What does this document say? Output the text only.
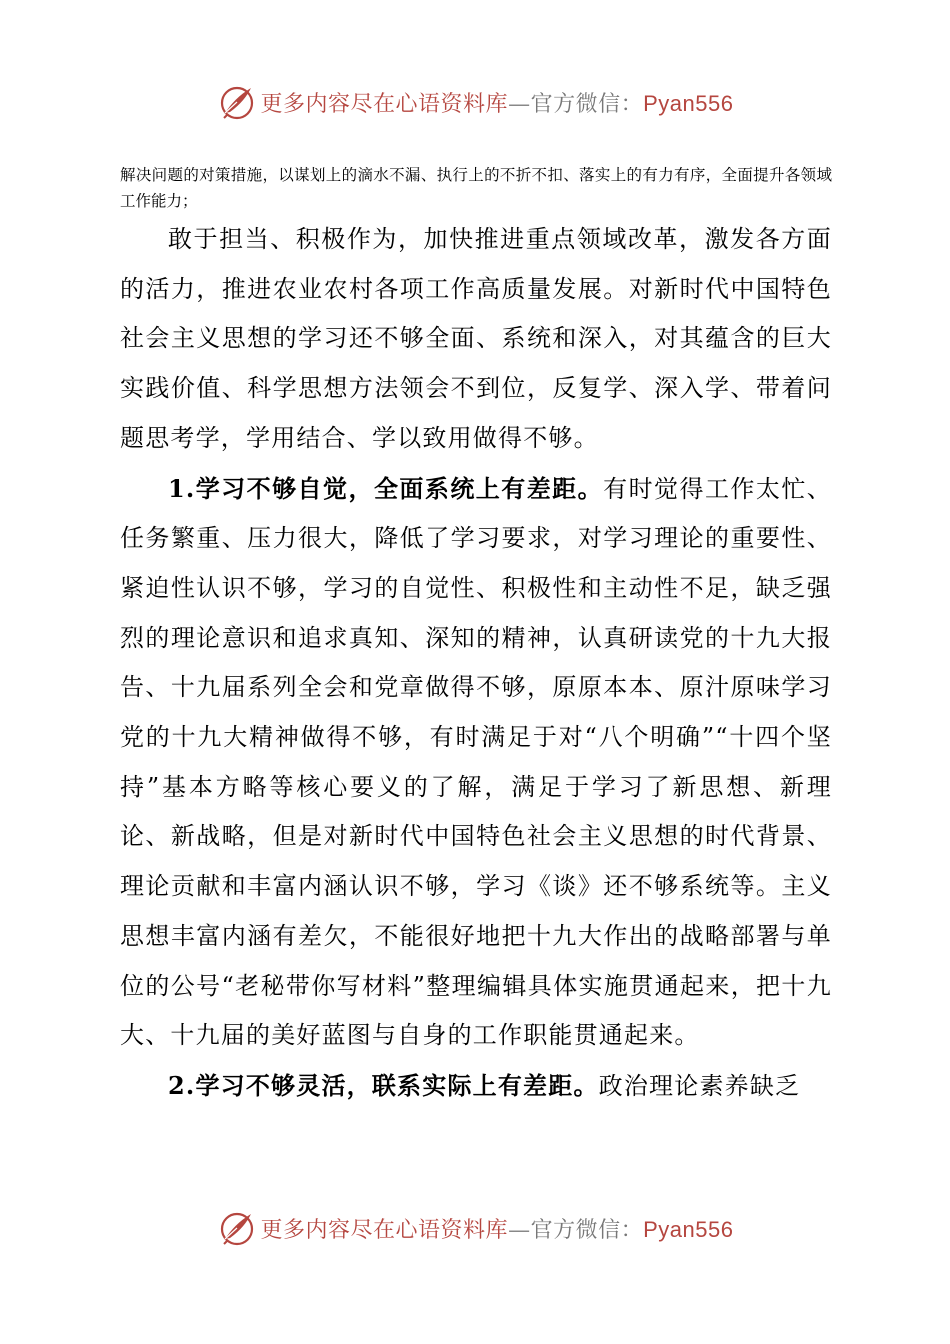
更多内容尽在心语资料库—官方微信：Pyan556

解决问题的对策措施，以谋划上的滴水不漏、执行上的不折不扣、落实上的有力有序，全面提升各领域工作能力；

敢于担当、积极作为，加快推进重点领域改革，激发各方面的活力，推进农业农村各项工作高质量发展。对新时代中国特色社会主义思想的学习还不够全面、系统和深入，对其蕴含的巨大实践价值、科学思想方法领会不到位，反复学、深入学、带着问题思考学，学用结合、学以致用做得不够。

1.学习不够自觉，全面系统上有差距。有时觉得工作太忙、任务繁重、压力很大，降低了学习要求，对学习理论的重要性、紧迫性认识不够，学习的自觉性、积极性和主动性不足，缺乏强烈的理论意识和追求真知、深知的精神，认真研读党的十九大报告、十九届系列全会和党章做得不够，原原本本、原汁原味学习党的十九大精神做得不够，有时满足于对“八个明确”“十四个坚持”基本方略等核心要义的了解，满足于学习了新思想、新理论、新战略，但是对新时代中国特色社会主义思想的时代背景、理论贡献和丰富内涵认识不够，学习《谈》还不够系统等。主义思想丰富内涵有差欠，不能很好地把十九大作出的战略部署与单位的公号“老秘带你写材料”整理编辑具体实施贯通起来，把十九大、十九届的美好蓝图与自身的工作职能贯通起来。

2.学习不够灵活，联系实际上有差距。政治理论素养缺乏

更多内容尽在心语资料库—官方微信：Pyan556
